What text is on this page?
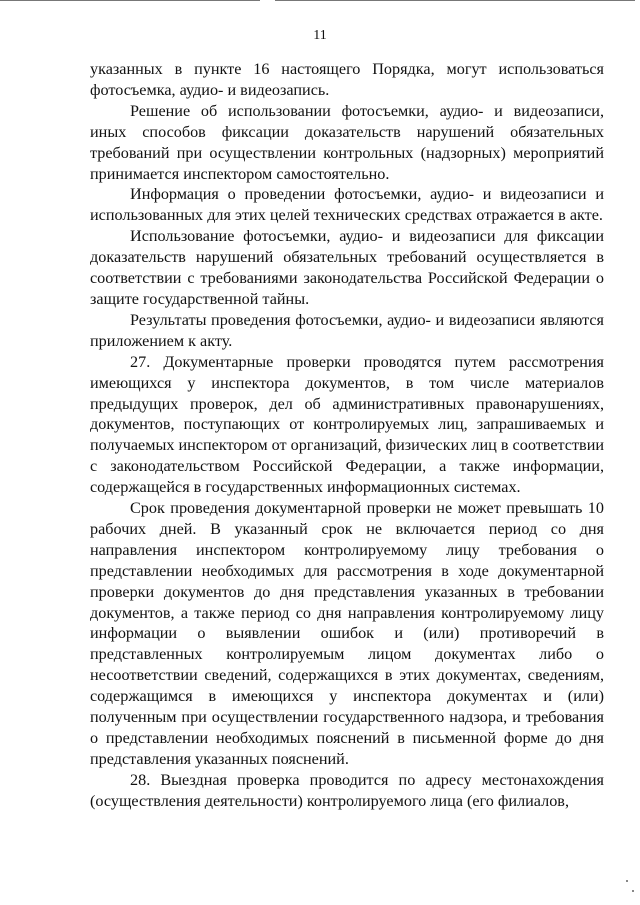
11

указанных в пункте 16 настоящего Порядка, могут использоваться фотосъемка, аудио- и видеозапись.

Решение об использовании фотосъемки, аудио- и видеозаписи, иных способов фиксации доказательств нарушений обязательных требований при осуществлении контрольных (надзорных) мероприятий принимается инспектором самостоятельно.

Информация о проведении фотосъемки, аудио- и видеозаписи и использованных для этих целей технических средствах отражается в акте.

Использование фотосъемки, аудио- и видеозаписи для фиксации доказательств нарушений обязательных требований осуществляется в соответствии с требованиями законодательства Российской Федерации о защите государственной тайны.

Результаты проведения фотосъемки, аудио- и видеозаписи являются приложением к акту.

27. Документарные проверки проводятся путем рассмотрения имеющихся у инспектора документов, в том числе материалов предыдущих проверок, дел об административных правонарушениях, документов, поступающих от контролируемых лиц, запрашиваемых и получаемых инспектором от организаций, физических лиц в соответствии с законодательством Российской Федерации, а также информации, содержащейся в государственных информационных системах.

Срок проведения документарной проверки не может превышать 10 рабочих дней. В указанный срок не включается период со дня направления инспектором контролируемому лицу требования о представлении необходимых для рассмотрения в ходе документарной проверки документов до дня представления указанных в требовании документов, а также период со дня направления контролируемому лицу информации о выявлении ошибок и (или) противоречий в представленных контролируемым лицом документах либо о несоответствии сведений, содержащихся в этих документах, сведениям, содержащимся в имеющихся у инспектора документах и (или) полученным при осуществлении государственного надзора, и требования о представлении необходимых пояснений в письменной форме до дня представления указанных пояснений.

28. Выездная проверка проводится по адресу местонахождения (осуществления деятельности) контролируемого лица (его филиалов,
